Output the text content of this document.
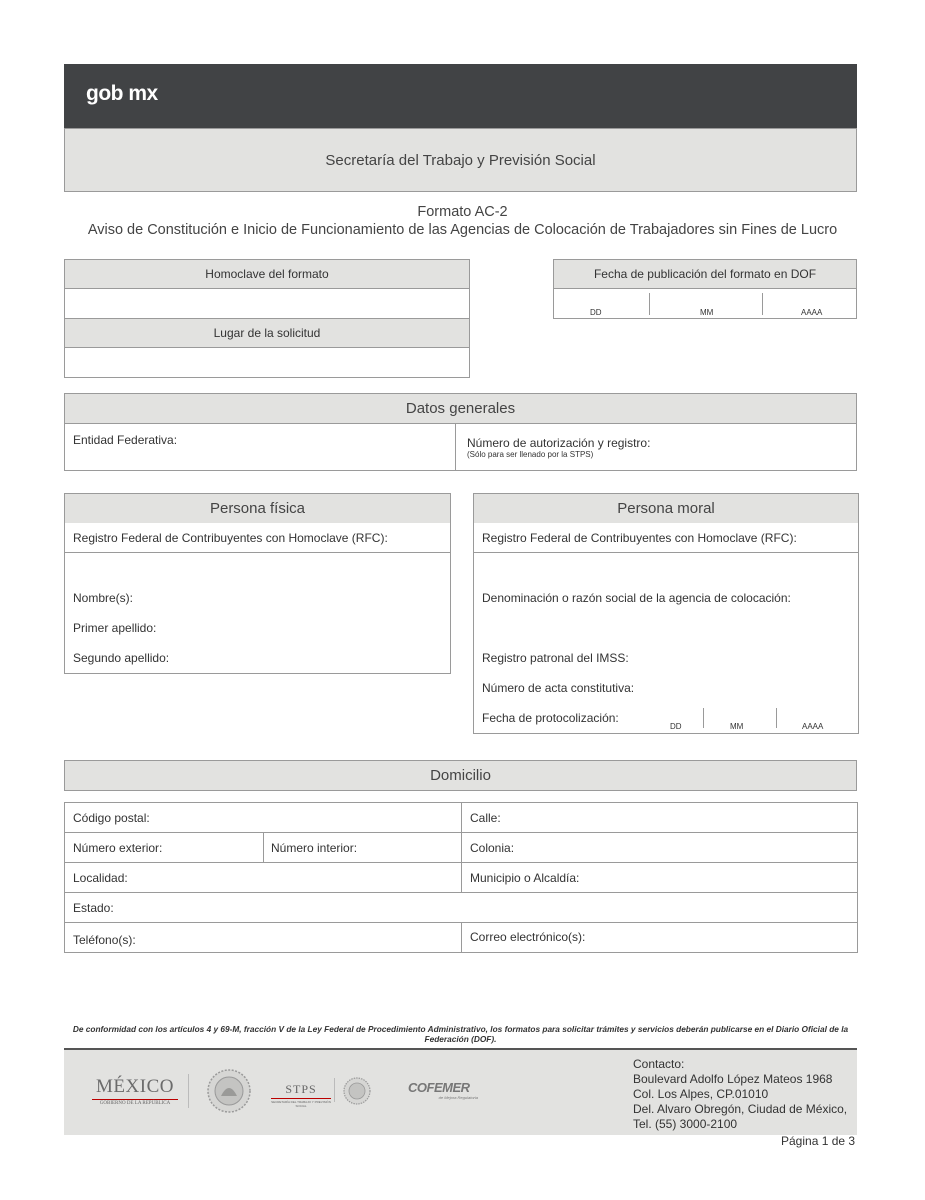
gob mx
Secretaría del Trabajo y Previsión Social
Formato AC-2
Aviso de Constitución e Inicio de Funcionamiento de las Agencias de Colocación de Trabajadores sin Fines de Lucro
Homoclave del formato
Lugar de la solicitud
Fecha de publicación del formato en DOF
DD	MM	AAAA
Datos generales
Entidad Federativa:	Número de autorización y registro:
(Sólo para ser llenado por la STPS)
Persona física
Registro Federal de Contribuyentes con Homoclave (RFC):
Nombre(s):
Primer apellido:
Segundo apellido:
Persona moral
Registro Federal de Contribuyentes con Homoclave (RFC):
Denominación o razón social de la agencia de colocación:
Registro patronal del IMSS:
Número de acta constitutiva:
Fecha de protocolización:
DD	MM	AAAA
Domicilio
Código postal:	Calle:
Número exterior:	Número interior:	Colonia:
Localidad:	Municipio o Alcaldía:
Estado:
Teléfono(s):	Correo electrónico(s):
De conformidad con los artículos 4 y 69-M, fracción V de la Ley Federal de Procedimiento Administrativo, los formatos para solicitar trámites y servicios deberán publicarse en el Diario Oficial de la Federación (DOF).
MÉXICO
GOBIERNO DE LA REPÚBLICA
STPS
SECRETARÍA DEL TRABAJO Y PREVISIÓN SOCIAL
COFEMER
de Mejora Regulatoria
Contacto:
Boulevard Adolfo López Mateos 1968
Col. Los Alpes, CP.01010
Del. Alvaro Obregón, Ciudad de México,
Tel. (55) 3000-2100
Página 1 de 3
